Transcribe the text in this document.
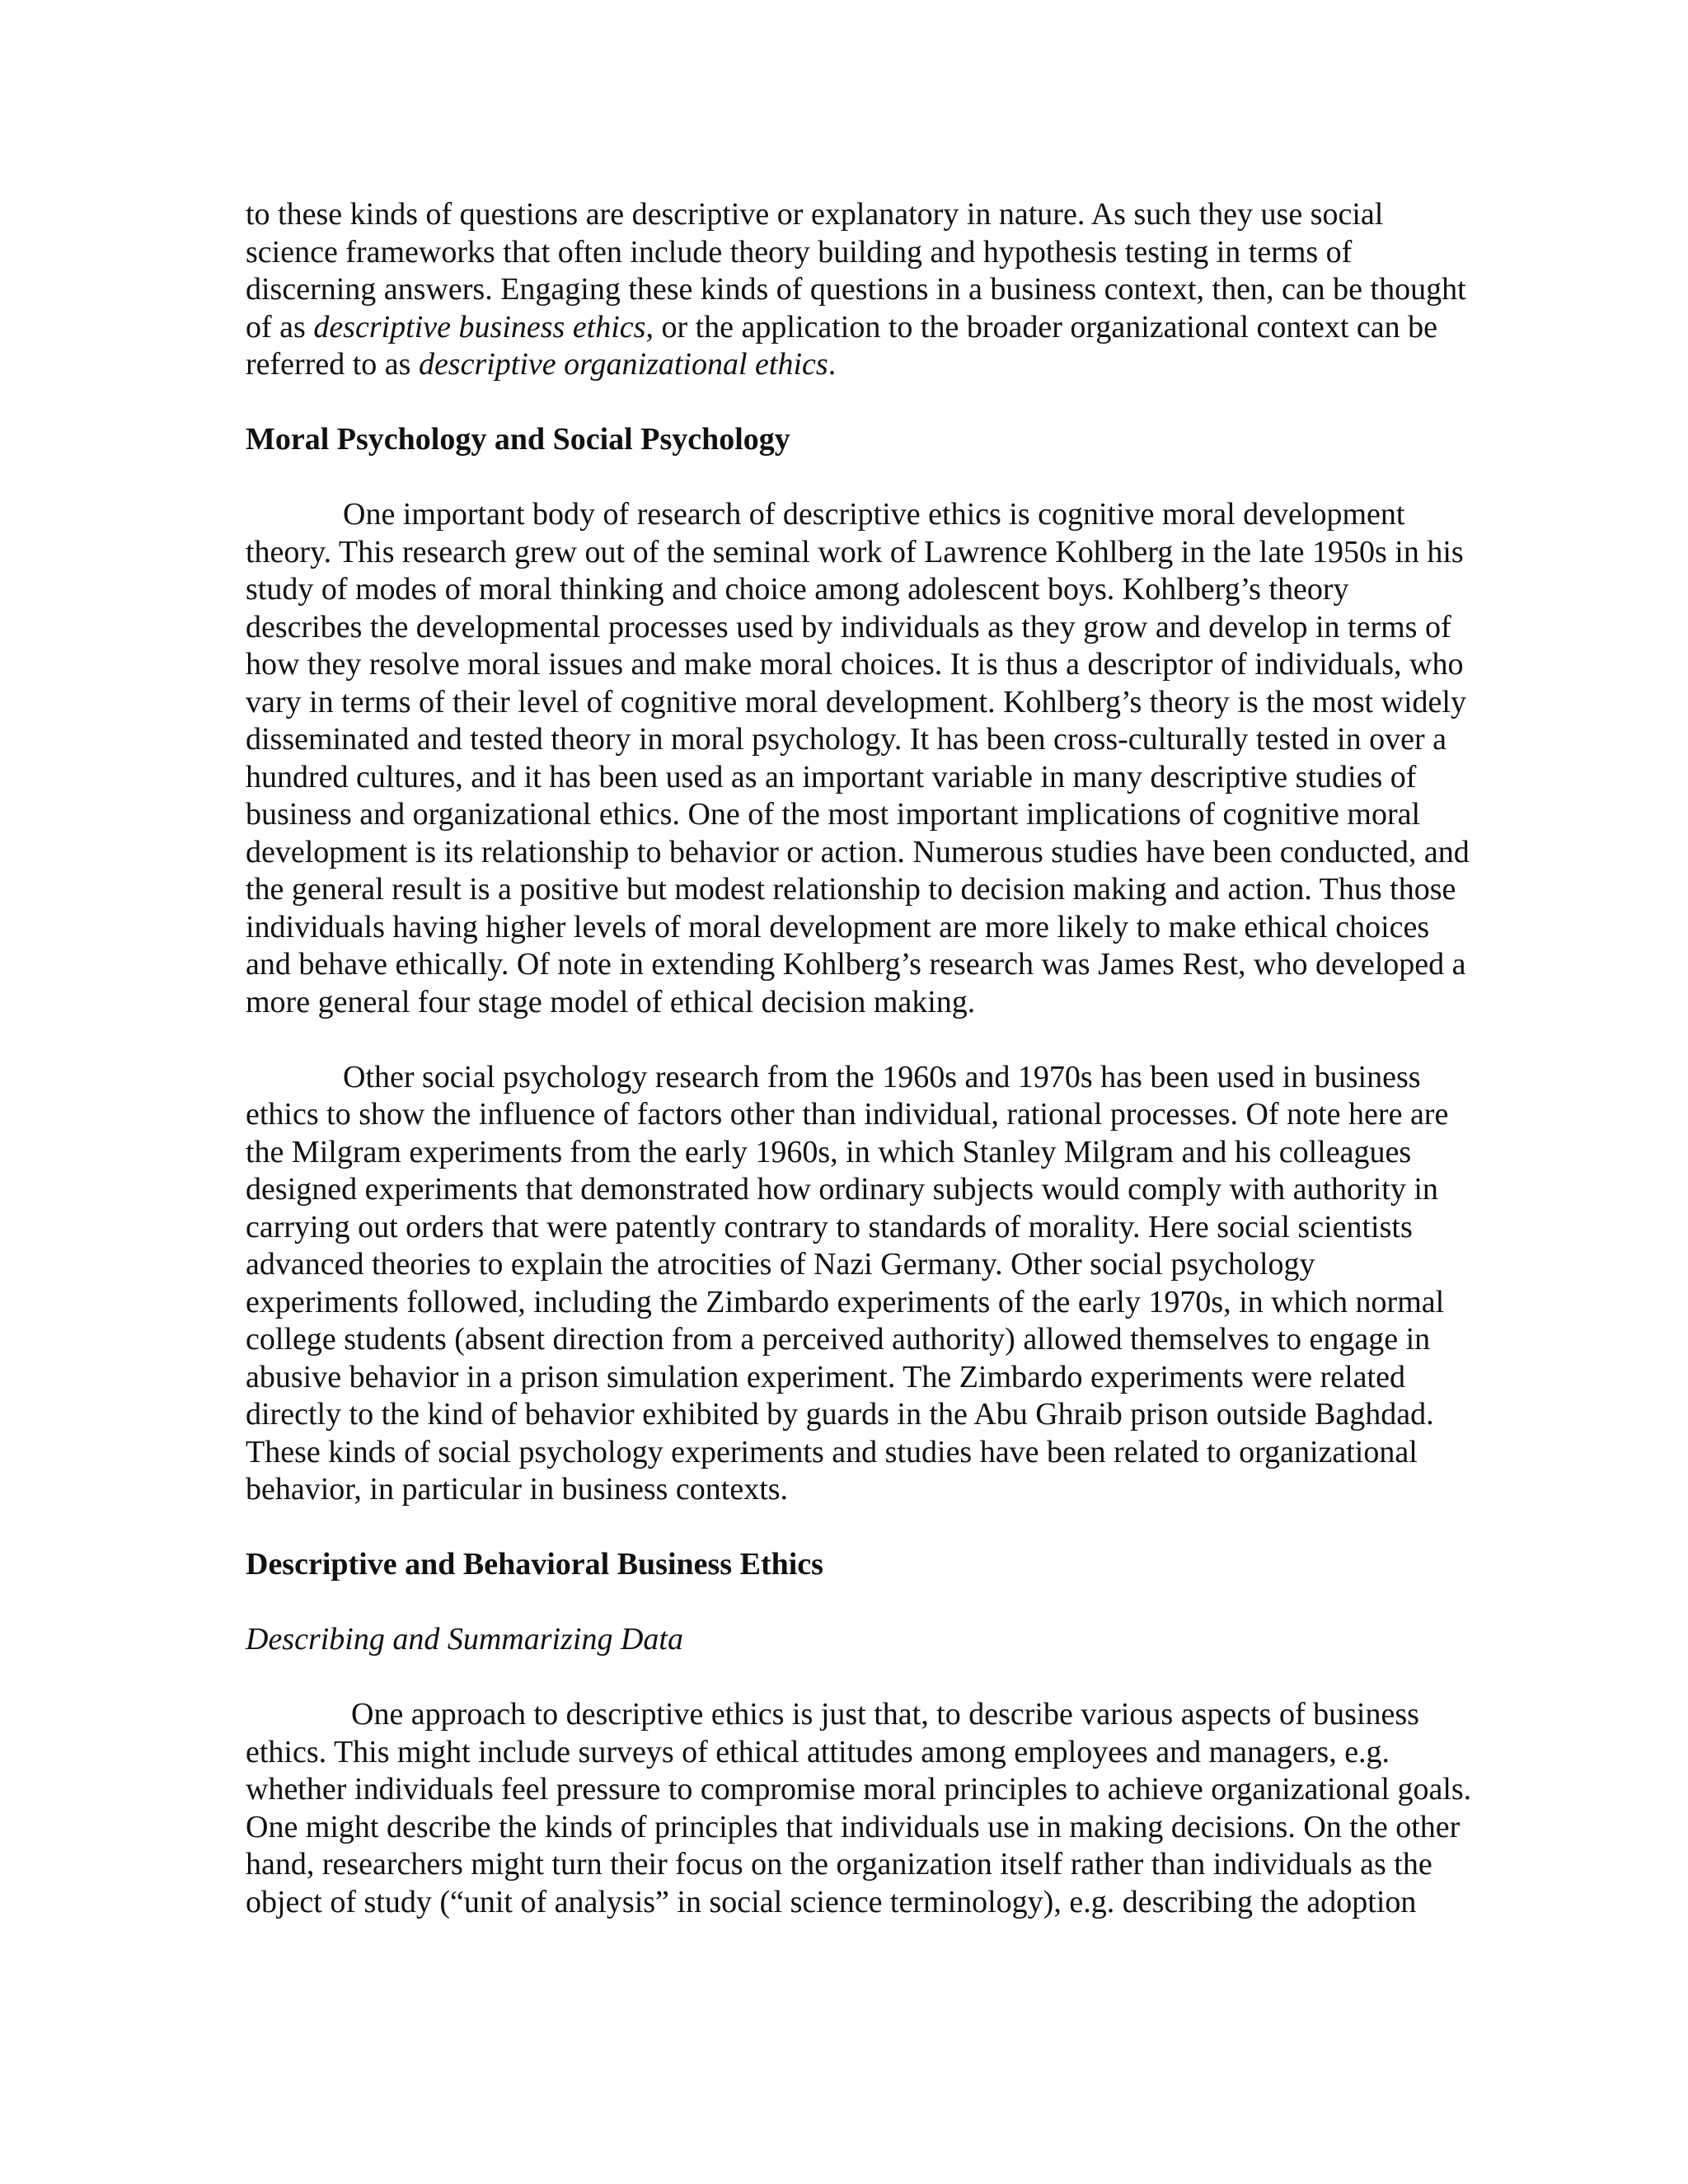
to these kinds of questions are descriptive or explanatory in nature. As such they use social
science frameworks that often include theory building and hypothesis testing in terms of
discerning answers. Engaging these kinds of questions in a business context, then, can be thought
of as descriptive business ethics, or the application to the broader organizational context can be
referred to as descriptive organizational ethics.

Moral Psychology and Social Psychology

One important body of research of descriptive ethics is cognitive moral development
theory. This research grew out of the seminal work of Lawrence Kohlberg in the late 1950s in his
study of modes of moral thinking and choice among adolescent boys. Kohlberg’s theory
describes the developmental processes used by individuals as they grow and develop in terms of
how they resolve moral issues and make moral choices. It is thus a descriptor of individuals, who
vary in terms of their level of cognitive moral development. Kohlberg’s theory is the most widely
disseminated and tested theory in moral psychology. It has been cross-culturally tested in over a
hundred cultures, and it has been used as an important variable in many descriptive studies of
business and organizational ethics. One of the most important implications of cognitive moral
development is its relationship to behavior or action. Numerous studies have been conducted, and
the general result is a positive but modest relationship to decision making and action. Thus those
individuals having higher levels of moral development are more likely to make ethical choices
and behave ethically. Of note in extending Kohlberg’s research was James Rest, who developed a
more general four stage model of ethical decision making.

Other social psychology research from the 1960s and 1970s has been used in business
ethics to show the influence of factors other than individual, rational processes. Of note here are
the Milgram experiments from the early 1960s, in which Stanley Milgram and his colleagues
designed experiments that demonstrated how ordinary subjects would comply with authority in
carrying out orders that were patently contrary to standards of morality. Here social scientists
advanced theories to explain the atrocities of Nazi Germany. Other social psychology
experiments followed, including the Zimbardo experiments of the early 1970s, in which normal
college students (absent direction from a perceived authority) allowed themselves to engage in
abusive behavior in a prison simulation experiment. The Zimbardo experiments were related
directly to the kind of behavior exhibited by guards in the Abu Ghraib prison outside Baghdad.
These kinds of social psychology experiments and studies have been related to organizational
behavior, in particular in business contexts.

Descriptive and Behavioral Business Ethics

Describing and Summarizing Data

One approach to descriptive ethics is just that, to describe various aspects of business
ethics. This might include surveys of ethical attitudes among employees and managers, e.g.
whether individuals feel pressure to compromise moral principles to achieve organizational goals.
One might describe the kinds of principles that individuals use in making decisions. On the other
hand, researchers might turn their focus on the organization itself rather than individuals as the
object of study (“unit of analysis” in social science terminology), e.g. describing the adoption
